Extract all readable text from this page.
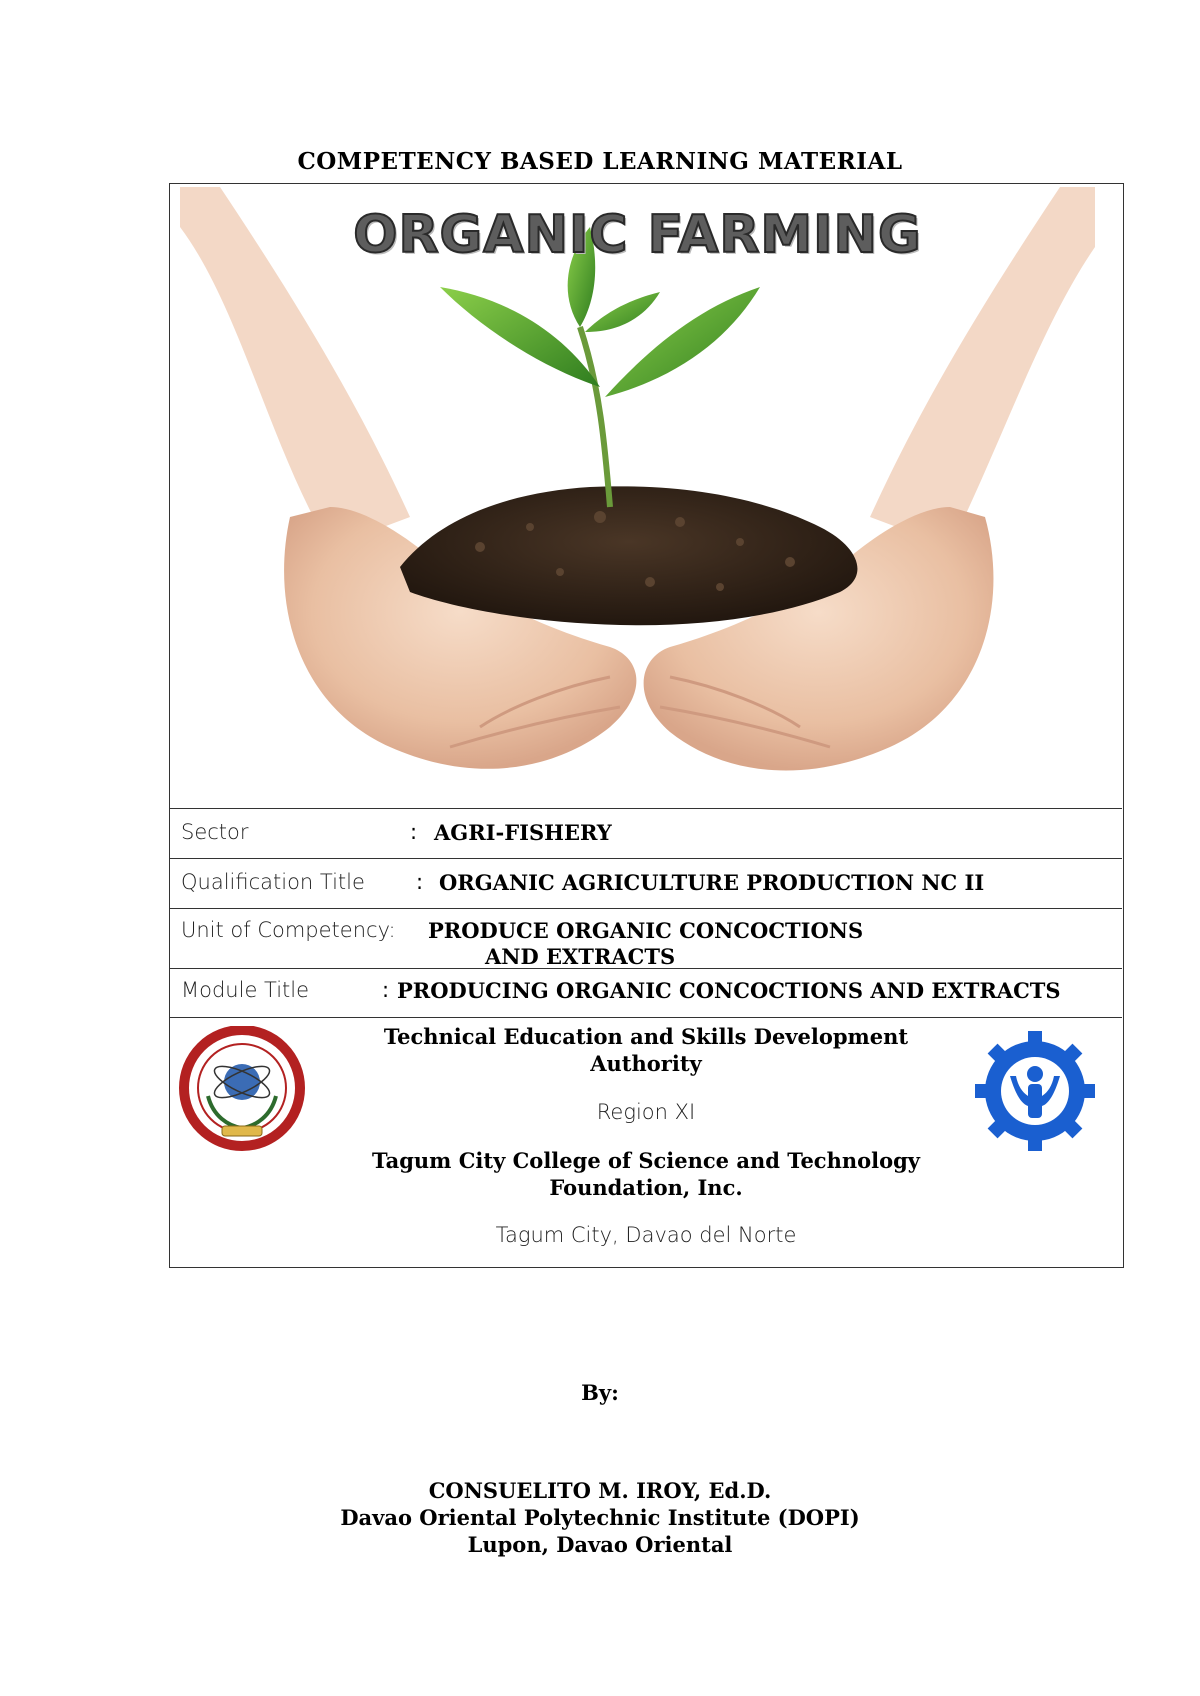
COMPETENCY BASED LEARNING MATERIAL
ORGANIC FARMING
Sector	: AGRI-FISHERY
Qualification Title : ORGANIC AGRICULTURE PRODUCTION NC II
Unit of Competency: PRODUCE ORGANIC CONCOCTIONS
AND EXTRACTS
Module Title	: PRODUCING ORGANIC CONCOCTIONS AND EXTRACTS
Technical Education and Skills Development
Authority
Region XI
Tagum City College of Science and Technology
Foundation, Inc.
Tagum City, Davao del Norte
By:
CONSUELITO M. IROY, Ed.D.
Davao Oriental Polytechnic Institute (DOPI)
Lupon, Davao Oriental
